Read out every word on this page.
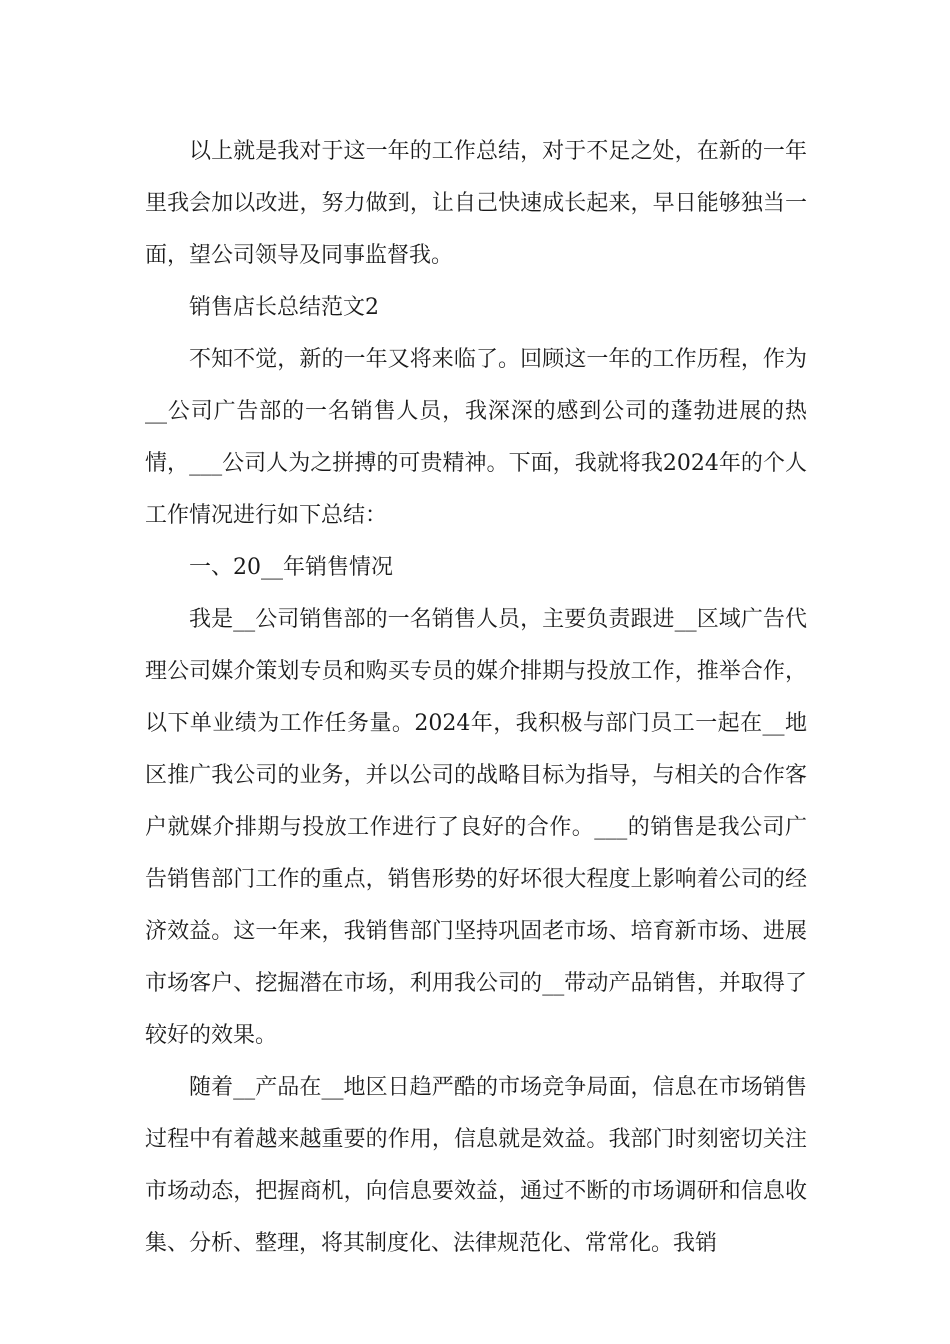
以上就是我对于这一年的工作总结，对于不足之处，在新的一年里我会加以改进，努力做到，让自己快速成长起来，早日能够独当一面，望公司领导及同事监督我。

销售店长总结范文2

不知不觉，新的一年又将来临了。回顾这一年的工作历程，作为__公司广告部的一名销售人员，我深深的感到公司的蓬勃进展的热情，___公司人为之拼搏的可贵精神。下面，我就将我2024年的个人工作情况进行如下总结：

一、20__年销售情况

我是__公司销售部的一名销售人员，主要负责跟进__区域广告代理公司媒介策划专员和购买专员的媒介排期与投放工作，推举合作，以下单业绩为工作任务量。2024年，我积极与部门员工一起在__地区推广我公司的业务，并以公司的战略目标为指导，与相关的合作客户就媒介排期与投放工作进行了良好的合作。___的销售是我公司广告销售部门工作的重点，销售形势的好坏很大程度上影响着公司的经济效益。这一年来，我销售部门坚持巩固老市场、培育新市场、进展市场客户、挖掘潜在市场，利用我公司的__带动产品销售，并取得了较好的效果。

随着__产品在__地区日趋严酷的市场竞争局面，信息在市场销售过程中有着越来越重要的作用，信息就是效益。我部门时刻密切关注市场动态，把握商机，向信息要效益，通过不断的市场调研和信息收集、分析、整理，将其制度化、法律规范化、常常化。我销
